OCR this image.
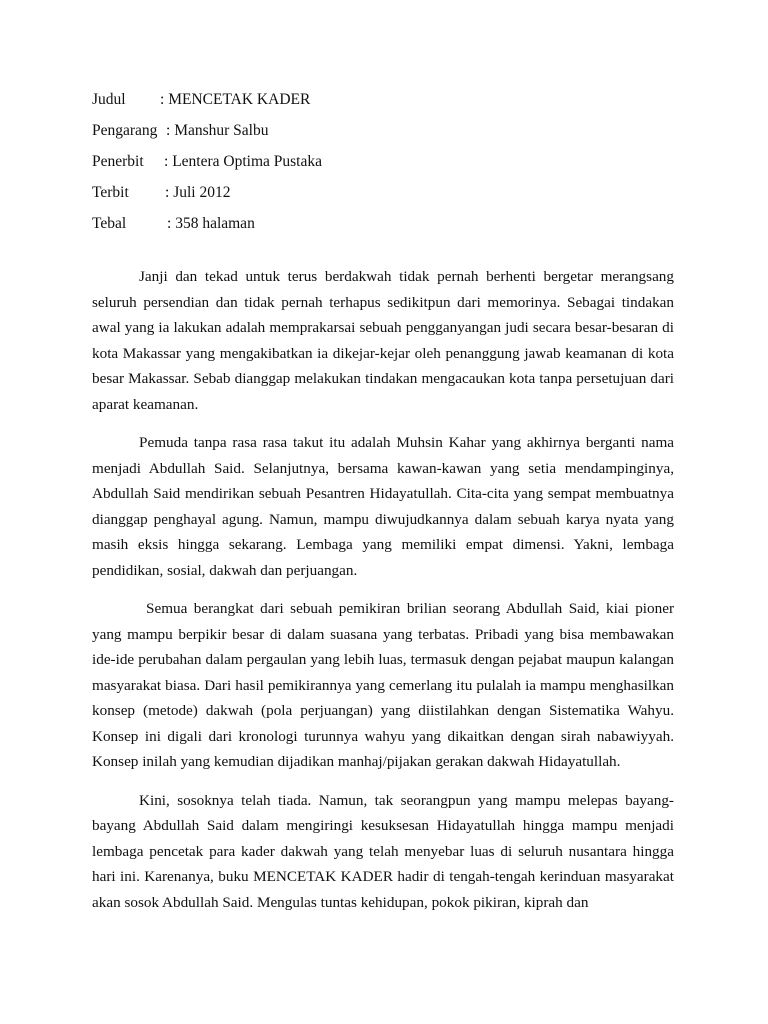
Judul	: MENCETAK KADER
Pengarang	: Manshur Salbu
Penerbit	: Lentera Optima Pustaka
Terbit	: Juli 2012
Tebal	: 358 halaman

Janji dan tekad untuk terus berdakwah tidak pernah berhenti bergetar merangsang seluruh persendian dan tidak pernah terhapus sedikitpun dari memorinya. Sebagai tindakan awal yang ia lakukan adalah memprakarsai sebuah pengganyangan judi secara besar-besaran di kota Makassar yang mengakibatkan ia dikejar-kejar oleh penanggung jawab keamanan di kota besar Makassar. Sebab dianggap melakukan tindakan mengacaukan kota tanpa persetujuan dari aparat keamanan.

Pemuda tanpa rasa rasa takut itu adalah Muhsin Kahar yang akhirnya berganti nama menjadi Abdullah Said. Selanjutnya, bersama kawan-kawan yang setia mendampinginya, Abdullah Said mendirikan sebuah Pesantren Hidayatullah. Cita-cita yang sempat membuatnya dianggap penghayal agung. Namun, mampu diwujudkannya dalam sebuah karya nyata yang masih eksis hingga sekarang. Lembaga yang memiliki empat dimensi. Yakni, lembaga pendidikan, sosial, dakwah dan perjuangan.

Semua berangkat dari sebuah pemikiran brilian seorang Abdullah Said, kiai pioner yang mampu berpikir besar di dalam suasana yang terbatas. Pribadi yang bisa membawakan ide-ide perubahan dalam pergaulan yang lebih luas, termasuk dengan pejabat maupun kalangan masyarakat biasa. Dari hasil pemikirannya yang cemerlang itu pulalah ia mampu menghasilkan konsep (metode) dakwah (pola perjuangan) yang diistilahkan dengan Sistematika Wahyu. Konsep ini digali dari kronologi turunnya wahyu yang dikaitkan dengan sirah nabawiyyah. Konsep inilah yang kemudian dijadikan manhaj/pijakan gerakan dakwah Hidayatullah.

Kini, sosoknya telah tiada. Namun, tak seorangpun yang mampu melepas bayang-bayang Abdullah Said dalam mengiringi kesuksesan Hidayatullah hingga mampu menjadi lembaga pencetak para kader dakwah yang telah menyebar luas di seluruh nusantara hingga hari ini. Karenanya, buku MENCETAK KADER hadir di tengah-tengah kerinduan masyarakat akan sosok Abdullah Said. Mengulas tuntas kehidupan, pokok pikiran, kiprah dan
